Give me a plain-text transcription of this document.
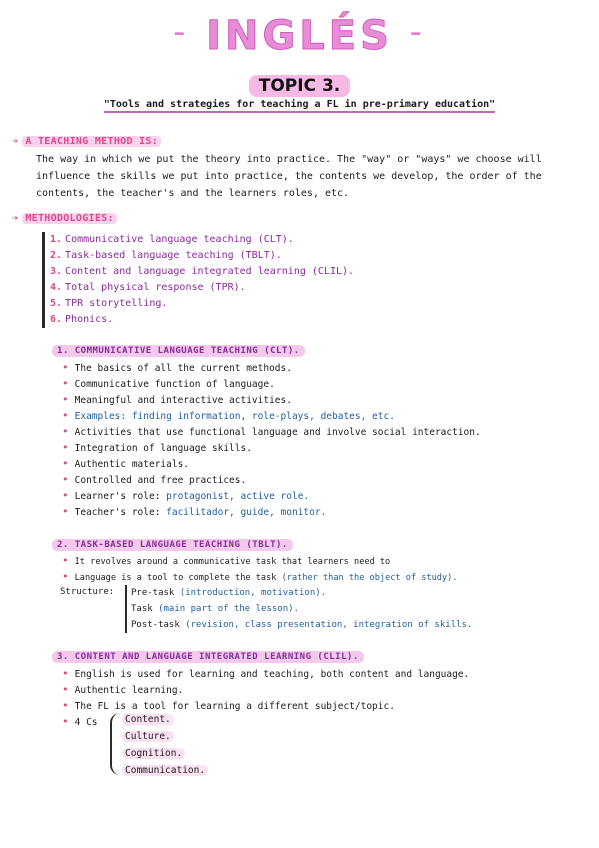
- INGLÉS -
TOPIC 3.
"Tools and strategies for teaching a FL in pre-primary education"
➔ A TEACHING METHOD IS:
The way in which we put the theory into practice. The "way" or "ways" we choose will influence the skills we put into practice, the contents we develop, the order of the contents, the teacher's and the learners roles, etc.
➔ METHODOLOGIES:
1. Communicative language teaching (CLT).
2. Task-based language teaching (TBLT).
3. Content and language integrated learning (CLIL).
4. Total physical response (TPR).
5. TPR storytelling.
6. Phonics.
1. COMMUNICATIVE LANGUAGE TEACHING (CLT).
• The basics of all the current methods.
• Communicative function of language.
• Meaningful and interactive activities.
• Examples: finding information, role-plays, debates, etc.
• Activities that use functional language and involve social interaction.
• Integration of language skills.
• Authentic materials.
• Controlled and free practices.
• Learner's role: protagonist, active role.
• Teacher's role: facilitador, guide, monitor.
2. TASK-BASED LANGUAGE TEACHING (TBLT).
• It revolves around a communicative task that learners need to
• Language is a tool to complete the task (rather than the object of study).
Structure: Pre-task (introduction, motivation).
Task (main part of the lesson).
Post-task (revision, class presentation, integration of skills.
3. CONTENT AND LANGUAGE INTEGRATED LEARNING (CLIL).
• English is used for learning and teaching, both content and language.
• Authentic learning.
• The FL is a tool for learning a different subject/topic.
• 4 Cs	Content.
Culture.
Cognition.
Communication.
